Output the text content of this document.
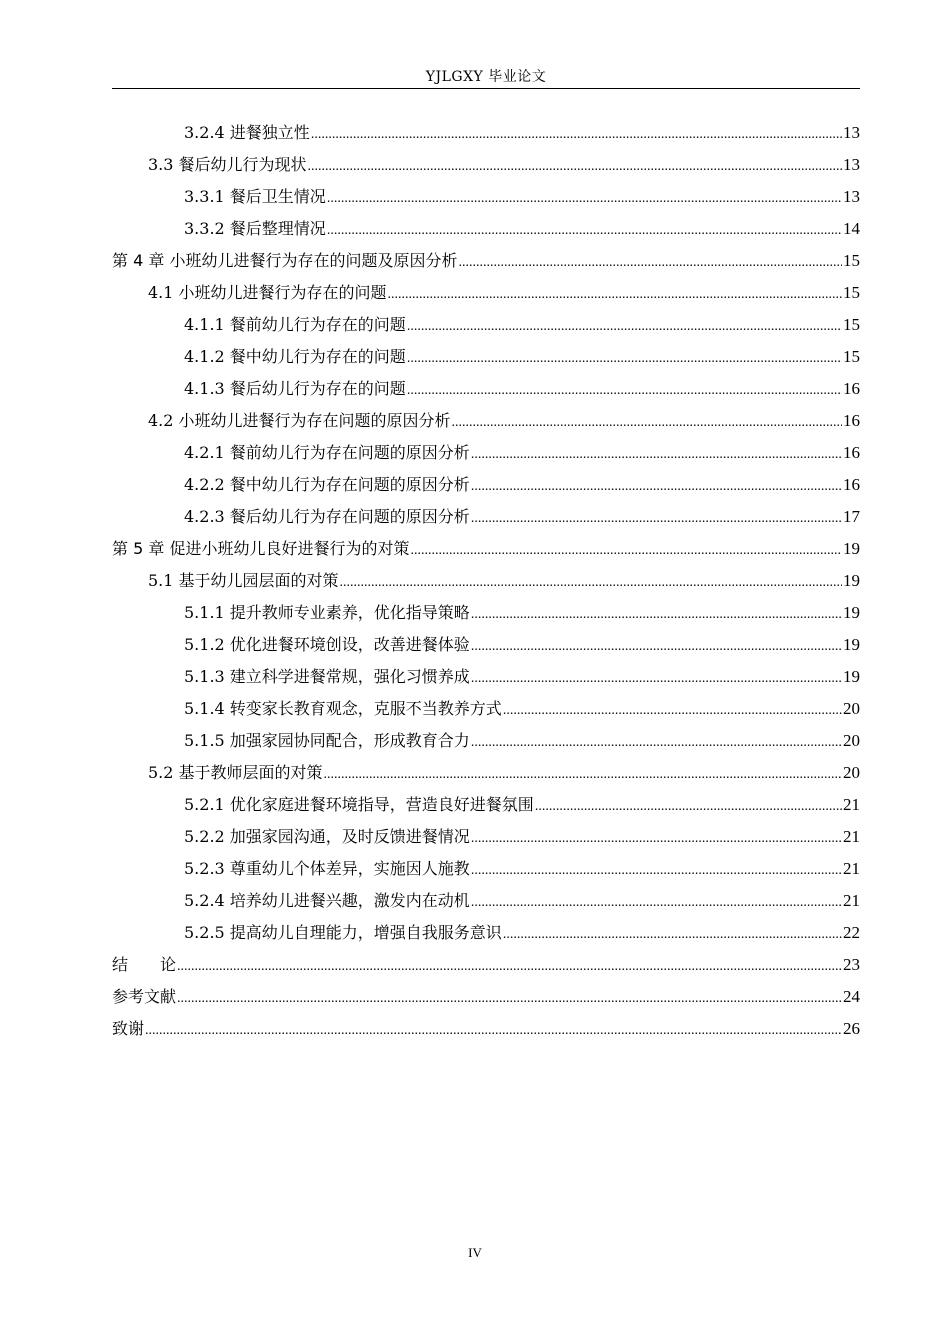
YJLGXY 毕业论文
3.2.4 进餐独立性 .....	13
3.3 餐后幼儿行为现状 .....	13
3.3.1 餐后卫生情况 .....	13
3.3.2 餐后整理情况 .....	14
第 4 章 小班幼儿进餐行为存在的问题及原因分析 .....	15
4.1 小班幼儿进餐行为存在的问题 .....	15
4.1.1 餐前幼儿行为存在的问题 .....	15
4.1.2 餐中幼儿行为存在的问题 .....	15
4.1.3 餐后幼儿行为存在的问题 .....	16
4.2 小班幼儿进餐行为存在问题的原因分析 .....	16
4.2.1 餐前幼儿行为存在问题的原因分析 .....	16
4.2.2 餐中幼儿行为存在问题的原因分析 .....	16
4.2.3 餐后幼儿行为存在问题的原因分析 .....	17
第 5 章 促进小班幼儿良好进餐行为的对策 .....	19
5.1 基于幼儿园层面的对策 .....	19
5.1.1 提升教师专业素养，优化指导策略 .....	19
5.1.2 优化进餐环境创设，改善进餐体验 .....	19
5.1.3 建立科学进餐常规，强化习惯养成 .....	19
5.1.4 转变家长教育观念，克服不当教养方式 .....	20
5.1.5 加强家园协同配合，形成教育合力 .....	20
5.2 基于教师层面的对策 .....	20
5.2.1 优化家庭进餐环境指导，营造良好进餐氛围 .....	21
5.2.2 加强家园沟通，及时反馈进餐情况 .....	21
5.2.3 尊重幼儿个体差异，实施因人施教 .....	21
5.2.4 培养幼儿进餐兴趣，激发内在动机 .....	21
5.2.5 提高幼儿自理能力，增强自我服务意识 .....	22
结　　论 .....	23
参考文献 .....	24
致谢 .....	26
IV
